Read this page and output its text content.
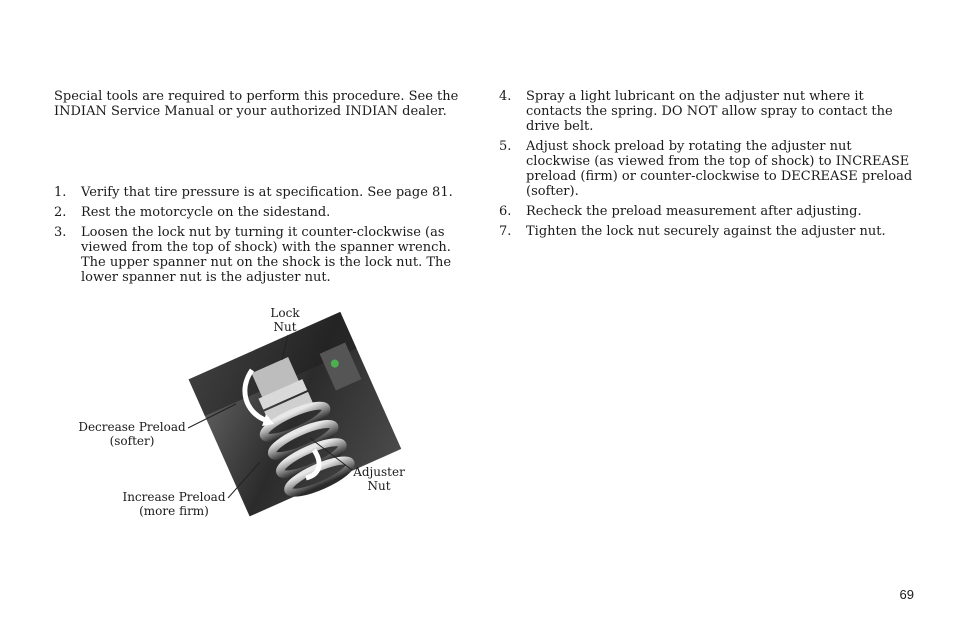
Special tools are required to perform this procedure. See the INDIAN Service Manual or your authorized INDIAN dealer.

1. Verify that tire pressure is at specification. See page 81.
2. Rest the motorcycle on the sidestand.
3. Loosen the lock nut by turning it counter-clockwise (as viewed from the top of shock) with the spanner wrench. The upper spanner nut on the shock is the lock nut. The lower spanner nut is the adjuster nut.
4. Spray a light lubricant on the adjuster nut where it contacts the spring. DO NOT allow spray to contact the drive belt.
5. Adjust shock preload by rotating the adjuster nut clockwise (as viewed from the top of shock) to INCREASE preload (firm) or counter-clockwise to DECREASE preload (softer).
6. Recheck the preload measurement after adjusting.
7. Tighten the lock nut securely against the adjuster nut.
Lock
Nut
Decrease Preload
(softer)
Increase Preload
(more firm)
Adjuster
Nut
69
